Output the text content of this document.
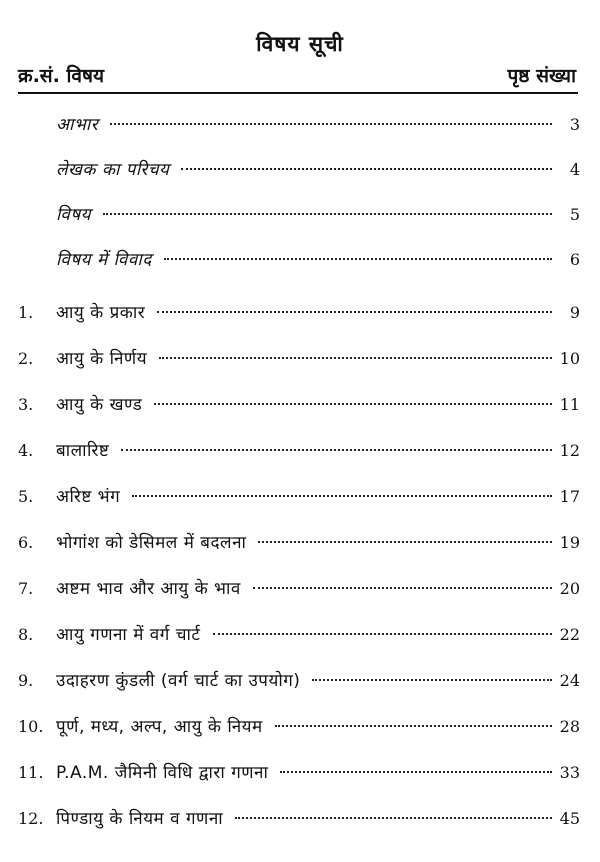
विषय सूची
क्र.सं. विषय	पृष्ठ संख्या
आभार	3
लेखक का परिचय	4
विषय	5
विषय में विवाद	6
1. आयु के प्रकार	9
2. आयु के निर्णय	10
3. आयु के खण्ड	11
4. बालारिष्ट	12
5. अरिष्ट भंग	17
6. भोगांश को डेसिमल में बदलना	19
7. अष्टम भाव और आयु के भाव	20
8. आयु गणना में वर्ग चार्ट	22
9. उदाहरण कुंडली (वर्ग चार्ट का उपयोग)	24
10. पूर्ण, मध्य, अल्प, आयु के नियम	28
11. P.A.M. जैमिनी विधि द्वारा गणना	33
12. पिण्डायु के नियम व गणना	45
